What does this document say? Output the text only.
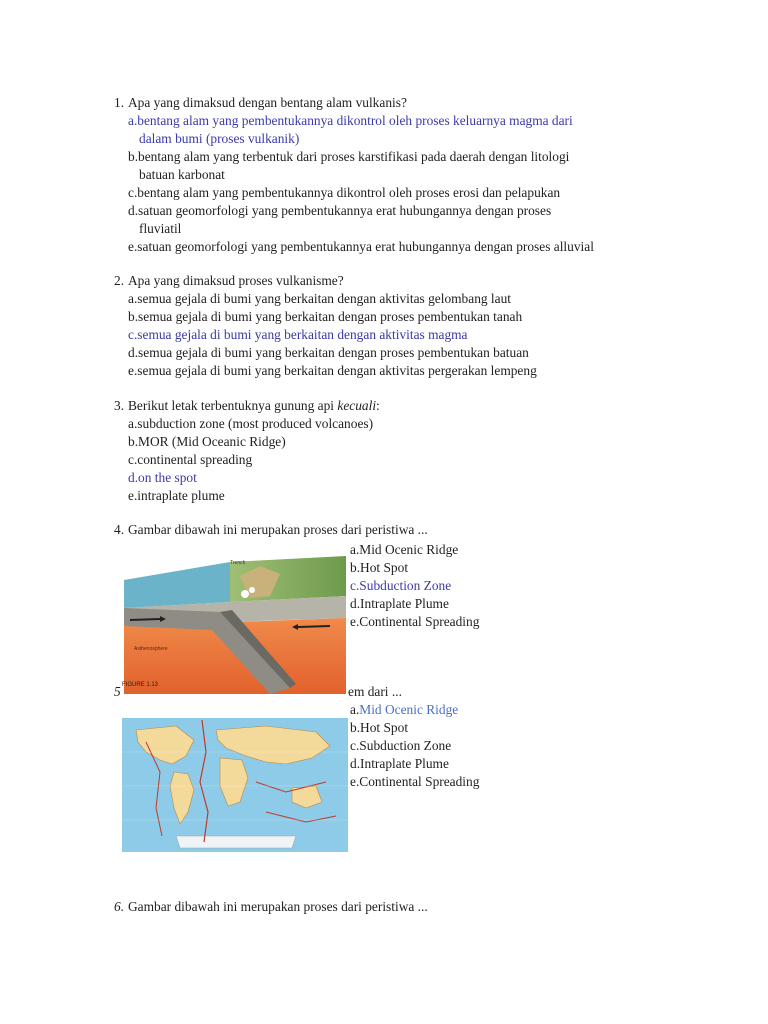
1. Apa yang dimaksud dengan bentang alam vulkanis?
a.bentang alam yang pembentukannya dikontrol oleh proses keluarnya magma dari
dalam bumi (proses vulkanik)
b.bentang alam yang terbentuk dari proses karstifikasi pada daerah dengan litologi
batuan karbonat
c.bentang alam yang pembentukannya dikontrol oleh proses erosi dan pelapukan
d.satuan geomorfologi yang pembentukannya erat hubungannya dengan proses
fluviatil
e.satuan geomorfologi yang pembentukannya erat hubungannya dengan proses alluvial
2. Apa yang dimaksud proses vulkanisme?
a.semua gejala di bumi yang berkaitan dengan aktivitas gelombang laut
b.semua gejala di bumi yang berkaitan dengan proses pembentukan tanah
c.semua gejala di bumi yang berkaitan dengan aktivitas magma
d.semua gejala di bumi yang berkaitan dengan proses pembentukan batuan
e.semua gejala di bumi yang berkaitan dengan aktivitas pergerakan lempeng
3. Berikut letak terbentuknya gunung api kecuali:
a.subduction zone (most produced volcanoes)
b.MOR (Mid Oceanic Ridge)
c.continental spreading
d.on the spot
e.intraplate plume
4. Gambar dibawah ini merupakan proses dari peristiwa ...
Asthenosphere
Trench
FIGURE 1.13
a.Mid Ocenic Ridge
b.Hot Spot
c.Subduction Zone
d.Intraplate Plume
e.Continental Spreading
5	em dari ...
a.Mid Ocenic Ridge
b.Hot Spot
c.Subduction Zone
d.Intraplate Plume
e.Continental Spreading
6. Gambar dibawah ini merupakan proses dari peristiwa ...
